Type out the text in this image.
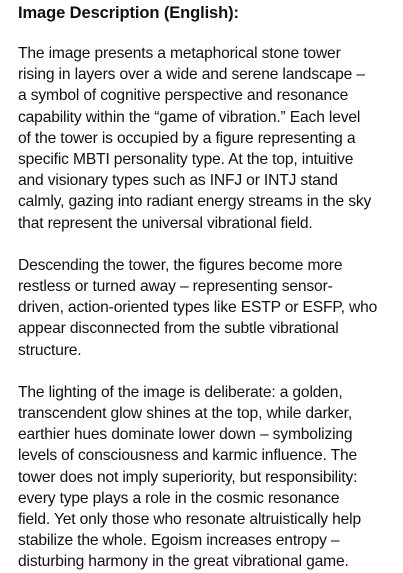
Image Description (English):
The image presents a metaphorical stone tower
rising in layers over a wide and serene landscape –
a symbol of cognitive perspective and resonance
capability within the “game of vibration.” Each level
of the tower is occupied by a figure representing a
specific MBTI personality type. At the top, intuitive
and visionary types such as INFJ or INTJ stand
calmly, gazing into radiant energy streams in the sky
that represent the universal vibrational field.
Descending the tower, the figures become more
restless or turned away – representing sensor-
driven, action-oriented types like ESTP or ESFP, who
appear disconnected from the subtle vibrational
structure.
The lighting of the image is deliberate: a golden,
transcendent glow shines at the top, while darker,
earthier hues dominate lower down – symbolizing
levels of consciousness and karmic influence. The
tower does not imply superiority, but responsibility:
every type plays a role in the cosmic resonance
field. Yet only those who resonate altruistically help
stabilize the whole. Egoism increases entropy –
disturbing harmony in the great vibrational game.
